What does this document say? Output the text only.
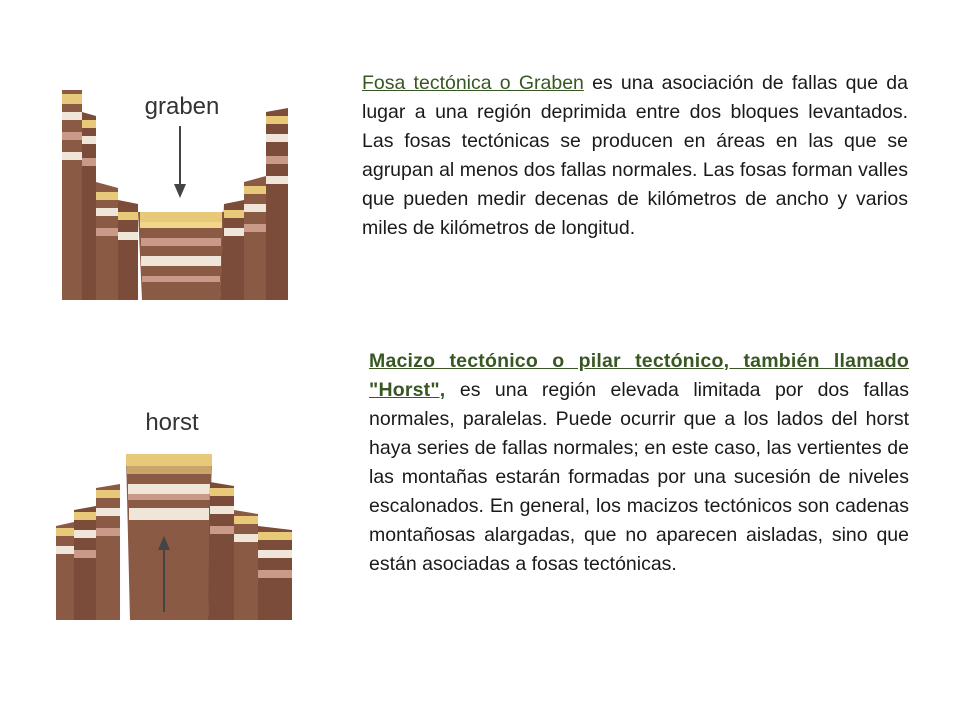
graben

Fosa tectónica o Graben es una asociación de fallas que da lugar a una región deprimida entre dos bloques levantados. Las fosas tectónicas se producen en áreas en las que se agrupan al menos dos fallas normales. Las fosas forman valles que pueden medir decenas de kilómetros de ancho y varios miles de kilómetros de longitud.

horst

Macizo tectónico o pilar tectónico, también llamado "Horst", es una región elevada limitada por dos fallas normales, paralelas. Puede ocurrir que a los lados del horst haya series de fallas normales; en este caso, las vertientes de las montañas estarán formadas por una sucesión de niveles escalonados. En general, los macizos tectónicos son cadenas montañosas alargadas, que no aparecen aisladas, sino que están asociadas a fosas tectónicas.
